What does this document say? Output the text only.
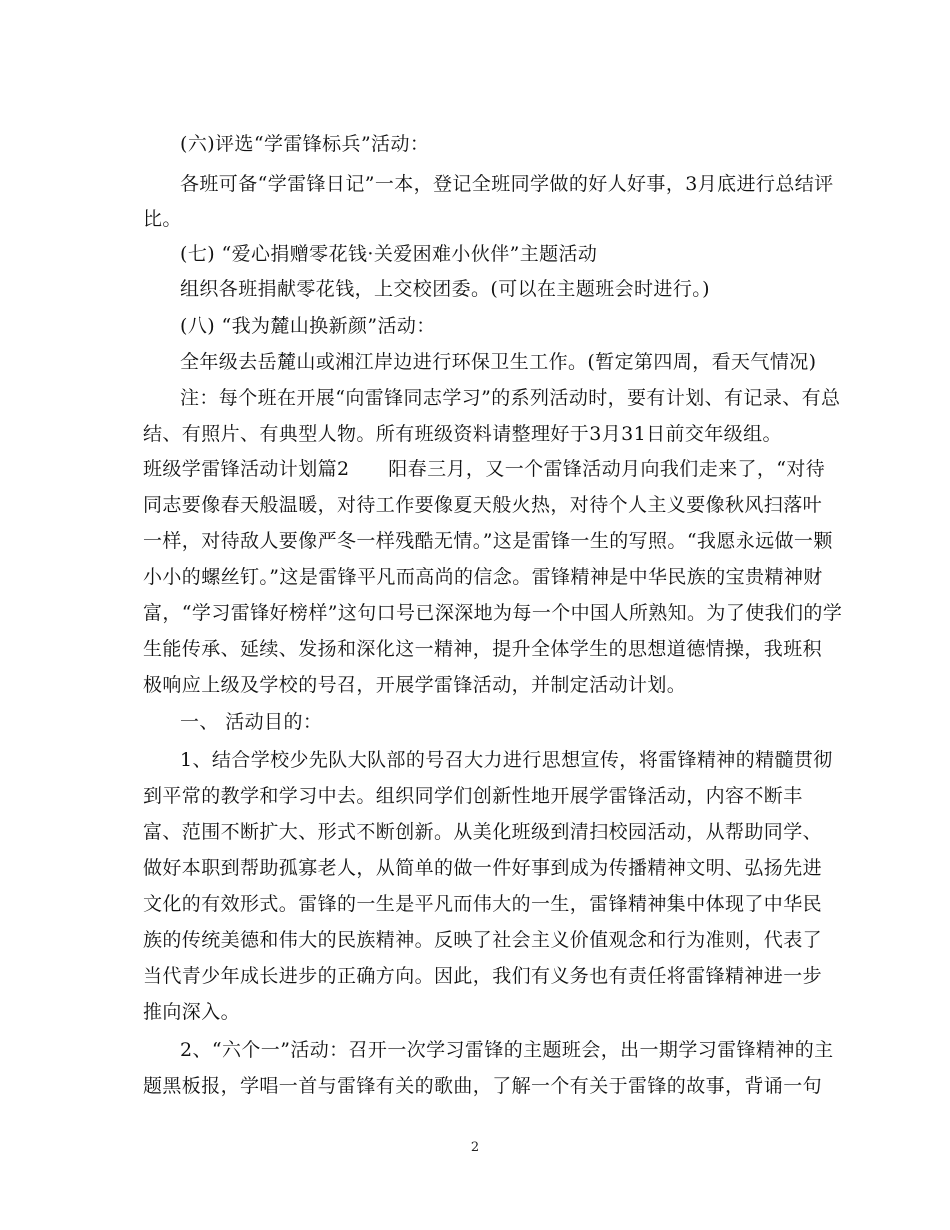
(六)评选“学雷锋标兵”活动：
各班可备“学雷锋日记”一本，登记全班同学做的好人好事，3月底进行总结评
比。
(七) “爱心捐赠零花钱·关爱困难小伙伴”主题活动
组织各班捐献零花钱，上交校团委。(可以在主题班会时进行。)
(八) “我为麓山换新颜”活动：
全年级去岳麓山或湘江岸边进行环保卫生工作。(暂定第四周，看天气情况)
注：每个班在开展“向雷锋同志学习”的系列活动时，要有计划、有记录、有总
结、有照片、有典型人物。所有班级资料请整理好于3月31日前交年级组。
班级学雷锋活动计划篇2　　阳春三月，又一个雷锋活动月向我们走来了，“对待
同志要像春天般温暖，对待工作要像夏天般火热，对待个人主义要像秋风扫落叶
一样，对待敌人要像严冬一样残酷无情。”这是雷锋一生的写照。“我愿永远做一颗
小小的螺丝钉。”这是雷锋平凡而高尚的信念。雷锋精神是中华民族的宝贵精神财
富，“学习雷锋好榜样”这句口号已深深地为每一个中国人所熟知。为了使我们的学
生能传承、延续、发扬和深化这一精神，提升全体学生的思想道德情操，我班积
极响应上级及学校的号召，开展学雷锋活动，并制定活动计划。
一、 活动目的：
1、结合学校少先队大队部的号召大力进行思想宣传，将雷锋精神的精髓贯彻
到平常的教学和学习中去。组织同学们创新性地开展学雷锋活动，内容不断丰
富、范围不断扩大、形式不断创新。从美化班级到清扫校园活动，从帮助同学、
做好本职到帮助孤寡老人，从简单的做一件好事到成为传播精神文明、弘扬先进
文化的有效形式。雷锋的一生是平凡而伟大的一生，雷锋精神集中体现了中华民
族的传统美德和伟大的民族精神。反映了社会主义价值观念和行为准则，代表了
当代青少年成长进步的正确方向。因此，我们有义务也有责任将雷锋精神进一步
推向深入。
2、“六个一”活动：召开一次学习雷锋的主题班会，出一期学习雷锋精神的主
题黑板报，学唱一首与雷锋有关的歌曲，了解一个有关于雷锋的故事，背诵一句
2
